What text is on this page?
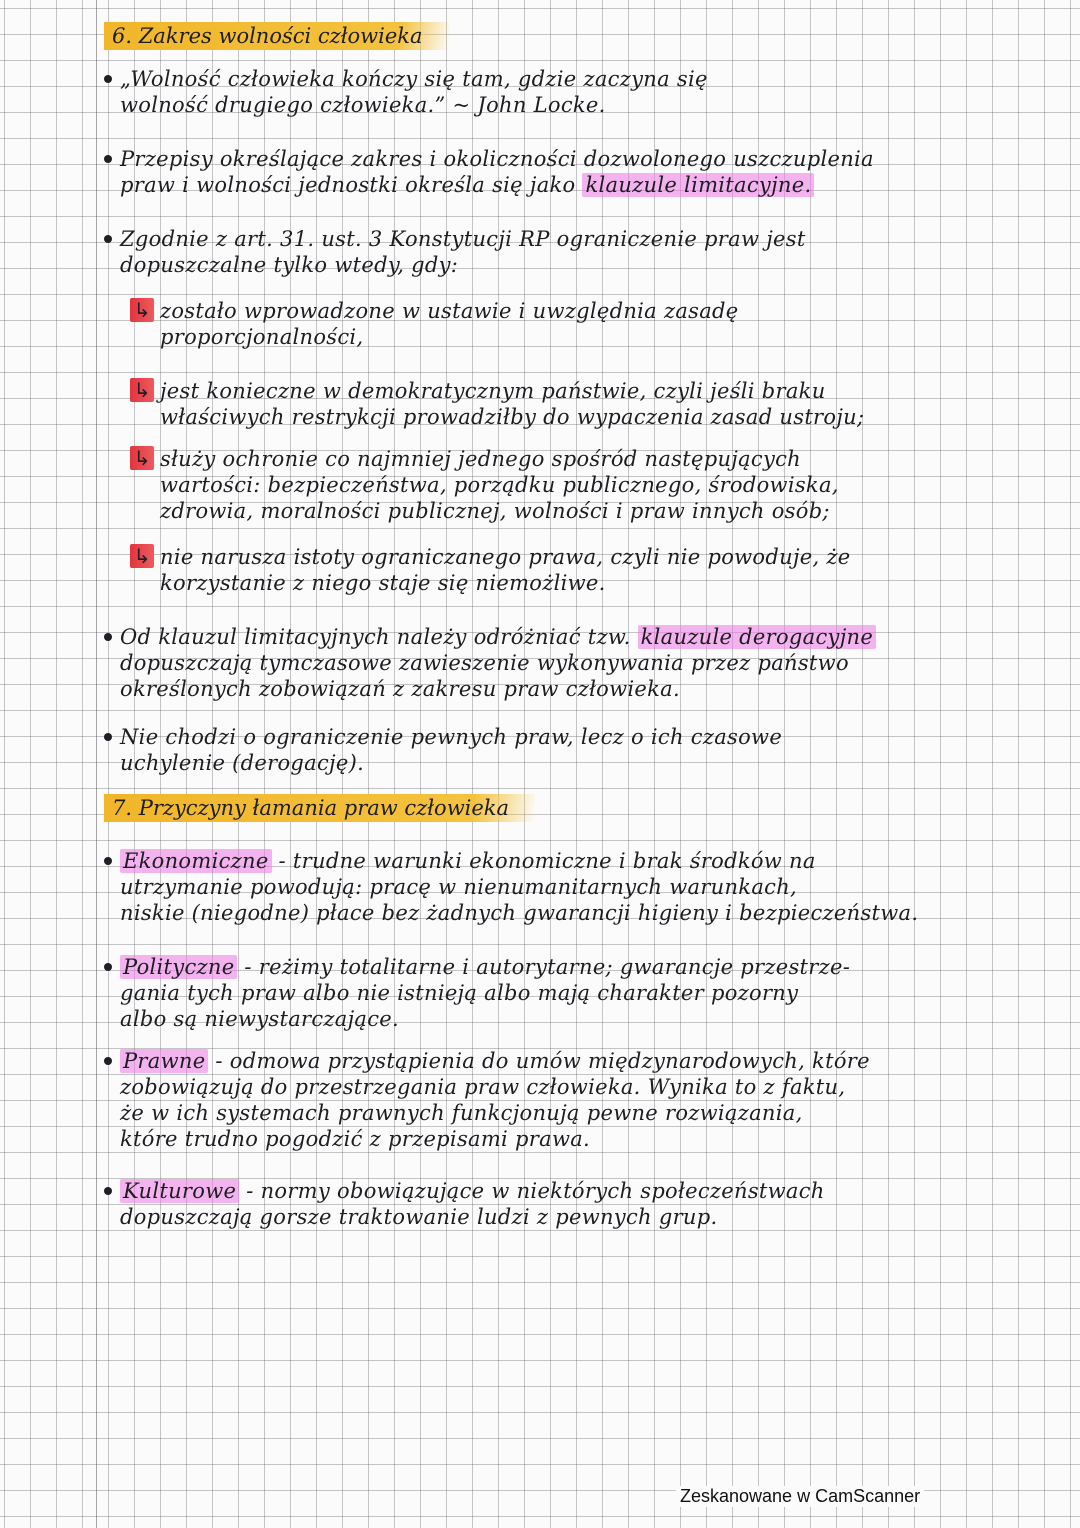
6. Zakres wolności człowieka
„Wolność człowieka kończy się tam, gdzie zaczyna się
wolność drugiego człowieka.” ~ John Locke.
Przepisy określające zakres i okoliczności dozwolonego uszczuplenia
praw i wolności jednostki określa się jako klauzule limitacyjne.
Zgodnie z art. 31. ust. 3 Konstytucji RP ograniczenie praw jest
dopuszczalne tylko wtedy, gdy:
↳ zostało wprowadzone w ustawie i uwzględnia zasadę
proporcjonalności,
↳ jest konieczne w demokratycznym państwie, czyli jeśli braku
właściwych restrykcji prowadziłby do wypaczenia zasad ustroju;
↳ służy ochronie co najmniej jednego spośród następujących
wartości: bezpieczeństwa, porządku publicznego, środowiska,
zdrowia, moralności publicznej, wolności i praw innych osób;
↳ nie narusza istoty ograniczanego prawa, czyli nie powoduje, że
korzystanie z niego staje się niemożliwe.
Od klauzul limitacyjnych należy odróżniać tzw. klauzule derogacyjne
dopuszczają tymczasowe zawieszenie wykonywania przez państwo
określonych zobowiązań z zakresu praw człowieka.
Nie chodzi o ograniczenie pewnych praw, lecz o ich czasowe
uchylenie (derogację).
7. Przyczyny łamania praw człowieka
Ekonomiczne - trudne warunki ekonomiczne i brak środków na
utrzymanie powodują: pracę w nienumanitarnych warunkach,
niskie (niegodne) płace bez żadnych gwarancji higieny i bezpieczeństwa.
Polityczne - reżimy totalitarne i autorytarne; gwarancje przestrze-
gania tych praw albo nie istnieją albo mają charakter pozorny
albo są niewystarczające.
Prawne - odmowa przystąpienia do umów międzynarodowych, które
zobowiązują do przestrzegania praw człowieka. Wynika to z faktu,
że w ich systemach prawnych funkcjonują pewne rozwiązania,
które trudno pogodzić z przepisami prawa.
Kulturowe - normy obowiązujące w niektórych społeczeństwach
dopuszczają gorsze traktowanie ludzi z pewnych grup.
Zeskanowane w CamScanner
